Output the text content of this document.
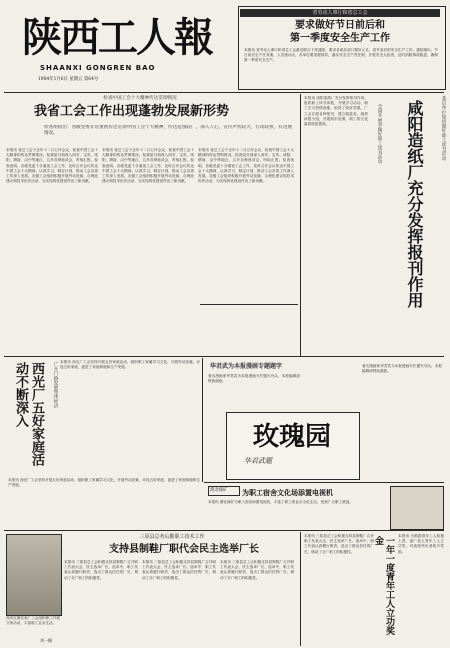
陕西工人報
SHAANXI GONGREN BAO
1984年1月6日 星期五 第64号
省劳动人事厅和省总工会
要求做好节日前后和
第一季度安全生产工作
本报讯 省劳动人事厅和省总工会最近联合下发通知，要求各地各部门做好元旦、春节前后的安全生产工作。通知指出，节日前后生产任务重，人员流动大，各单位要加强领导，落实安全生产责任制，开展安全大检查，及时消除事故隐患，确保第一季度安全生产。
检查中国工会十大精神传达贯彻情况
我省工会工作出现蓬勃发展新形势
检查组指出：各级党委非常重视传达贯彻中国工会十大精神，传达范围较广，深入人心，宣传声势较大，行动较快，有进展情况。
本报讯 省总工会于去年十二月召开会议，检查中国工会十大精神的传达贯彻情况。检查组分别深入西安、宝鸡、咸阳、渭南、汉中等地区，召开各种座谈会，听取汇报。检查表明，各级党委十分重视工会工作，及时召开会议传达中国工会十大精神，认真学习，制定计划，推动工会各项工作深入发展。各级工会组织积极开展劳动竞赛、合理化建议和技术协作活动，为实现四化建设作出了新贡献。
本报讯 省总工会于去年十二月召开会议，检查中国工会十大精神的传达贯彻情况。检查组分别深入西安、宝鸡、咸阳、渭南、汉中等地区，召开各种座谈会，听取汇报。检查表明，各级党委十分重视工会工作，及时召开会议传达中国工会十大精神，认真学习，制定计划，推动工会各项工作深入发展。各级工会组织积极开展劳动竞赛、合理化建议和技术协作活动，为实现四化建设作出了新贡献。
本报讯 省总工会于去年十二月召开会议，检查中国工会十大精神的传达贯彻情况。检查组分别深入西安、宝鸡、咸阳、渭南、汉中等地区，召开各种座谈会，听取汇报。检查表明，各级党委十分重视工会工作，及时召开会议传达中国工会十大精神，认真学习，制定计划，推动工会各项工作深入发展。各级工会组织积极开展劳动竞赛、合理化建议和技术协作活动，为实现四化建设作出了新贡献。
基层单位如何做好职工读书活动
咸阳造纸厂充分发挥报刊作用
全国开展争做好职工读书活动
本报讯 咸阳造纸厂充分发挥报刊作用，组织职工读书读报，开展学习活动，职工学习热情高涨，取得了较好效果。厂工会订阅各种报刊，建立阅览室，组织读报小组，开展知识竞赛，职工的文化素质明显提高。
西光厂五好家庭活动不断深入	广开门路发展集体经济 本报讯 西光厂工会坚持开展五好家庭活动，组织职工家属学习文化，开展劳动竞赛，评选五好家庭，促进了家庭和睦和生产发展。
本报讯 西光厂工会坚持开展五好家庭活动，组织职工家属学习文化，开展劳动竞赛，评选五好家庭，促进了家庭和睦和生产发展。
华君武为本报漫画专题题字
著名漫画家华君武为本报漫画专栏题写刊头，本报编辑部特致谢意。
玫瑰园
华君武题
著名漫画家华君武为本报漫画专栏题写刊头，本报编辑部特致谢意。
渭北煤矿	为职工宿舍文化场添置电视机
本报讯 渭北煤矿为职工宿舍添置电视机，丰富了职工的业余文化生活，受到广大职工欢迎。
三原县总务后勤职工技术工作
支持县制鞋厂职代会民主选举厂长
本报讯 三原县总工会积极支持县制鞋厂召开职工代表大会，民主选举厂长。选举中，职工代表认真履行职责，选出了群众信任的厂长，调动了全厂职工的积极性。
本报讯 三原县总工会积极支持县制鞋厂召开职工代表大会，民主选举厂长。选举中，职工代表认真履行职责，选出了群众信任的厂长，调动了全厂职工的积极性。
本报讯 三原县总工会积极支持县制鞋厂召开职工代表大会，民主选举厂长。选举中，职工代表认真履行职责，选出了群众信任的厂长，调动了全厂职工的积极性。
西安红旗仪表厂工会组织职工开展文体活动，丰富职工业余生活。
刘一摄
本报讯 三原县总工会积极支持县制鞋厂召开职工代表大会，民主选举厂长。选举中，职工代表认真履行职责，选出了群众信任的厂长，调动了全厂职工的积极性。	一年一度青年工人立功奖金	本报讯 为鼓励青年工人积极上进，某厂设立青年工人立功奖，对表现突出者给予奖励。
